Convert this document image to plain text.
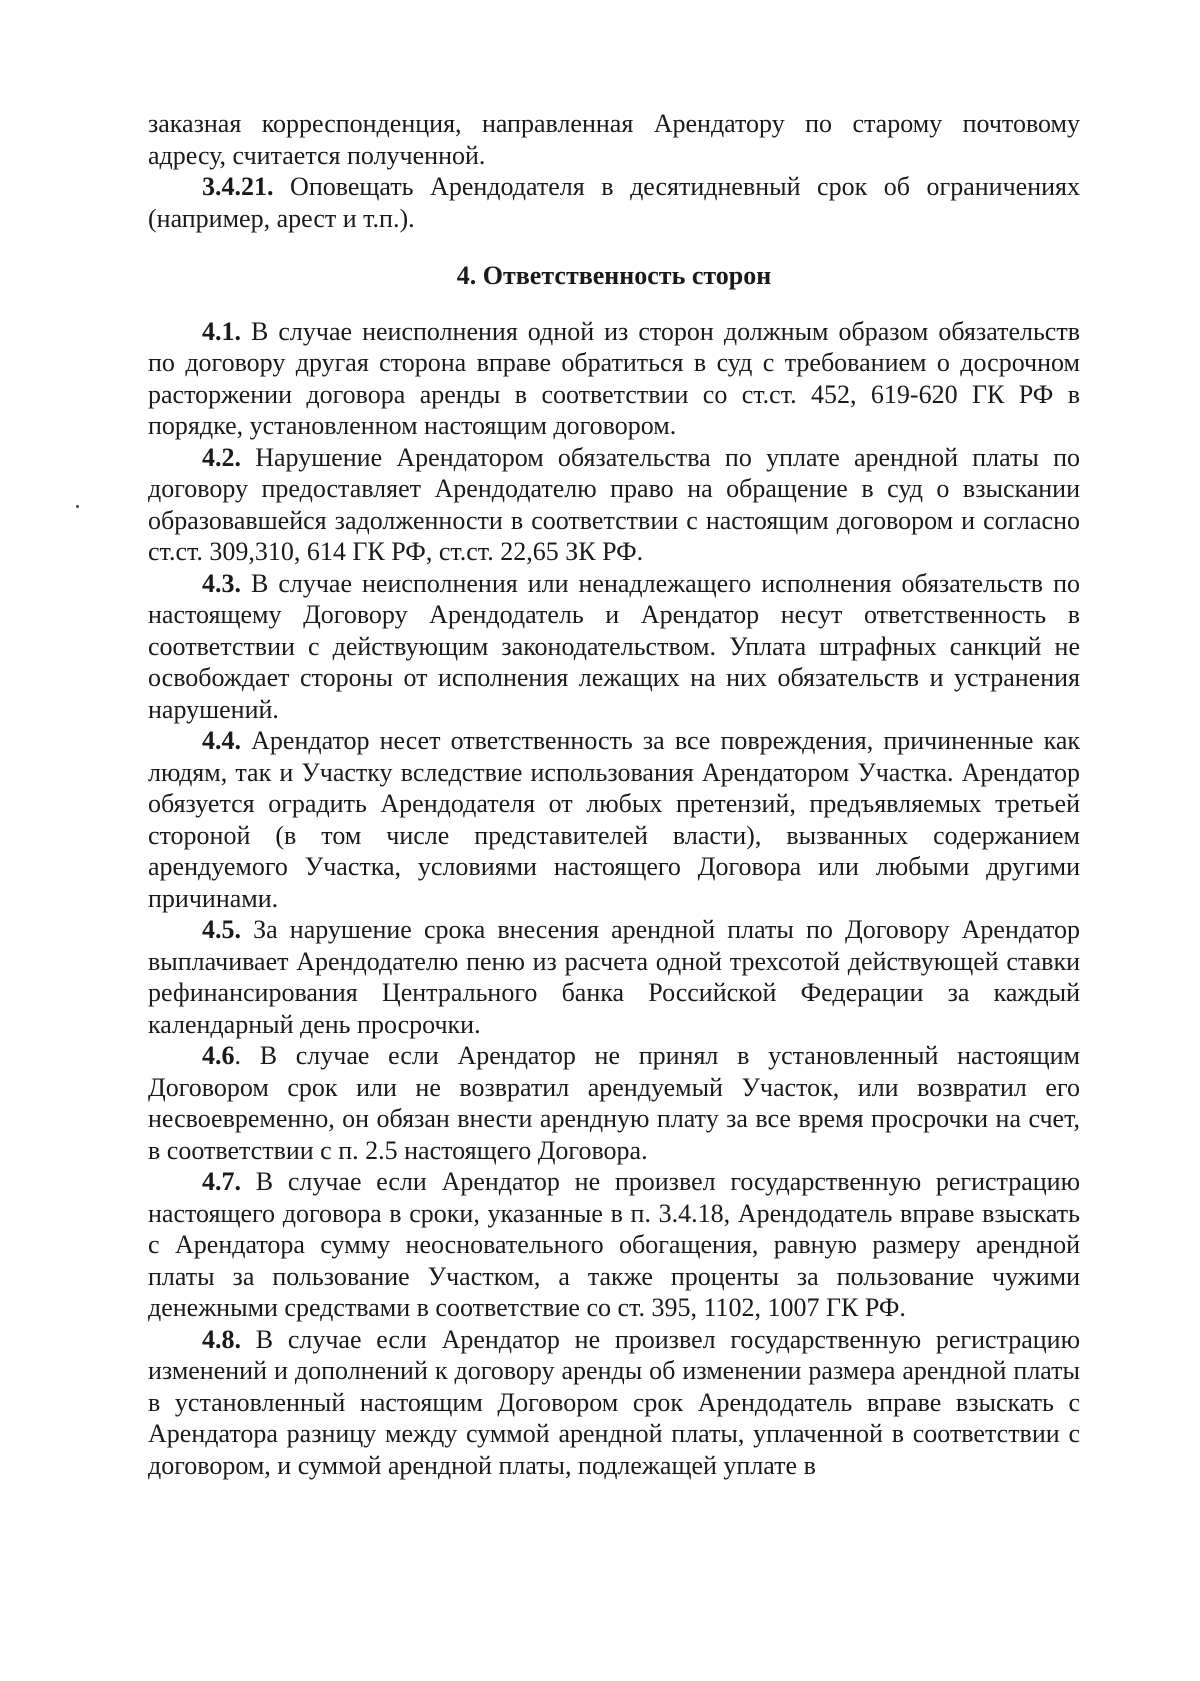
заказная корреспонденция, направленная Арендатору по старому почтовому адресу, считается полученной.

3.4.21. Оповещать Арендодателя в десятидневный срок об ограничениях (например, арест и т.п.).

4. Ответственность сторон

4.1. В случае неисполнения одной из сторон должным образом обязательств по договору другая сторона вправе обратиться в суд с требованием о досрочном расторжении договора аренды в соответствии со ст.ст. 452, 619-620 ГК РФ в порядке, установленном настоящим договором.

4.2. Нарушение Арендатором обязательства по уплате арендной платы по договору предоставляет Арендодателю право на обращение в суд о взыскании образовавшейся задолженности в соответствии с настоящим договором и согласно ст.ст. 309,310, 614 ГК РФ, ст.ст. 22,65 ЗК РФ.

4.3. В случае неисполнения или ненадлежащего исполнения обязательств по настоящему Договору Арендодатель и Арендатор несут ответственность в соответствии с действующим законодательством. Уплата штрафных санкций не освобождает стороны от исполнения лежащих на них обязательств и устранения нарушений.

4.4. Арендатор несет ответственность за все повреждения, причиненные как людям, так и Участку вследствие использования Арендатором Участка. Арендатор обязуется оградить Арендодателя от любых претензий, предъявляемых третьей стороной (в том числе представителей власти), вызванных содержанием арендуемого Участка, условиями настоящего Договора или любыми другими причинами.

4.5. За нарушение срока внесения арендной платы по Договору Арендатор выплачивает Арендодателю пеню из расчета одной трехсотой действующей ставки рефинансирования Центрального банка Российской Федерации за каждый календарный день просрочки.

4.6. В случае если Арендатор не принял в установленный настоящим Договором срок или не возвратил арендуемый Участок, или возвратил его несвоевременно, он обязан внести арендную плату за все время просрочки на счет, в соответствии с п. 2.5 настоящего Договора.

4.7. В случае если Арендатор не произвел государственную регистрацию настоящего договора в сроки, указанные в п. 3.4.18, Арендодатель вправе взыскать с Арендатора сумму неосновательного обогащения, равную размеру арендной платы за пользование Участком, а также проценты за пользование чужими денежными средствами в соответствие со ст. 395, 1102, 1007 ГК РФ.

4.8. В случае если Арендатор не произвел государственную регистрацию изменений и дополнений к договору аренды об изменении размера арендной платы в установленный настоящим Договором срок Арендодатель вправе взыскать с Арендатора разницу между суммой арендной платы, уплаченной в соответствии с договором, и суммой арендной платы, подлежащей уплате в
